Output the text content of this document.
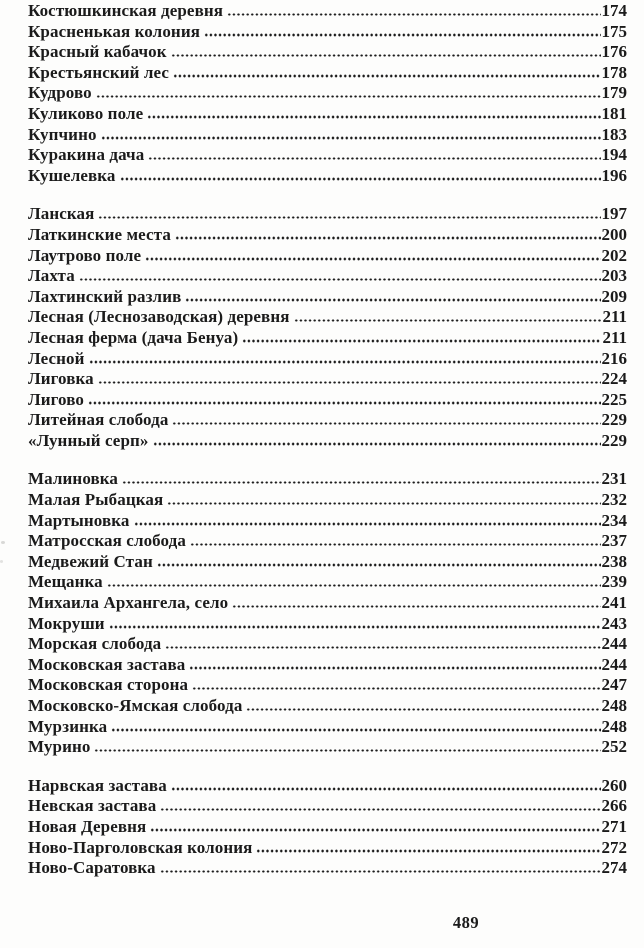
Костюшкинская деревня	174
Красненькая колония	175
Красный кабачок	176
Крестьянский лес	178
Кудрово	179
Куликово поле	181
Купчино	183
Куракина дача	194
Кушелевка	196
Ланская	197
Латкинские места	200
Лаутрово поле	202
Лахта	203
Лахтинский разлив	209
Лесная (Леснозаводская) деревня	211
Лесная ферма (дача Бенуа)	211
Лесной	216
Лиговка	224
Лигово	225
Литейная слобода	229
«Лунный серп»	229
Малиновка	231
Малая Рыбацкая	232
Мартыновка	234
Матросская слобода	237
Медвежий Стан	238
Мещанка	239
Михаила Архангела, село	241
Мокруши	243
Морская слобода	244
Московская застава	244
Московская сторона	247
Московско-Ямская слобода	248
Мурзинка	248
Мурино	252
Нарвская застава	260
Невская застава	266
Новая Деревня	271
Ново-Парголовская колония	272
Ново-Саратовка	274
489
